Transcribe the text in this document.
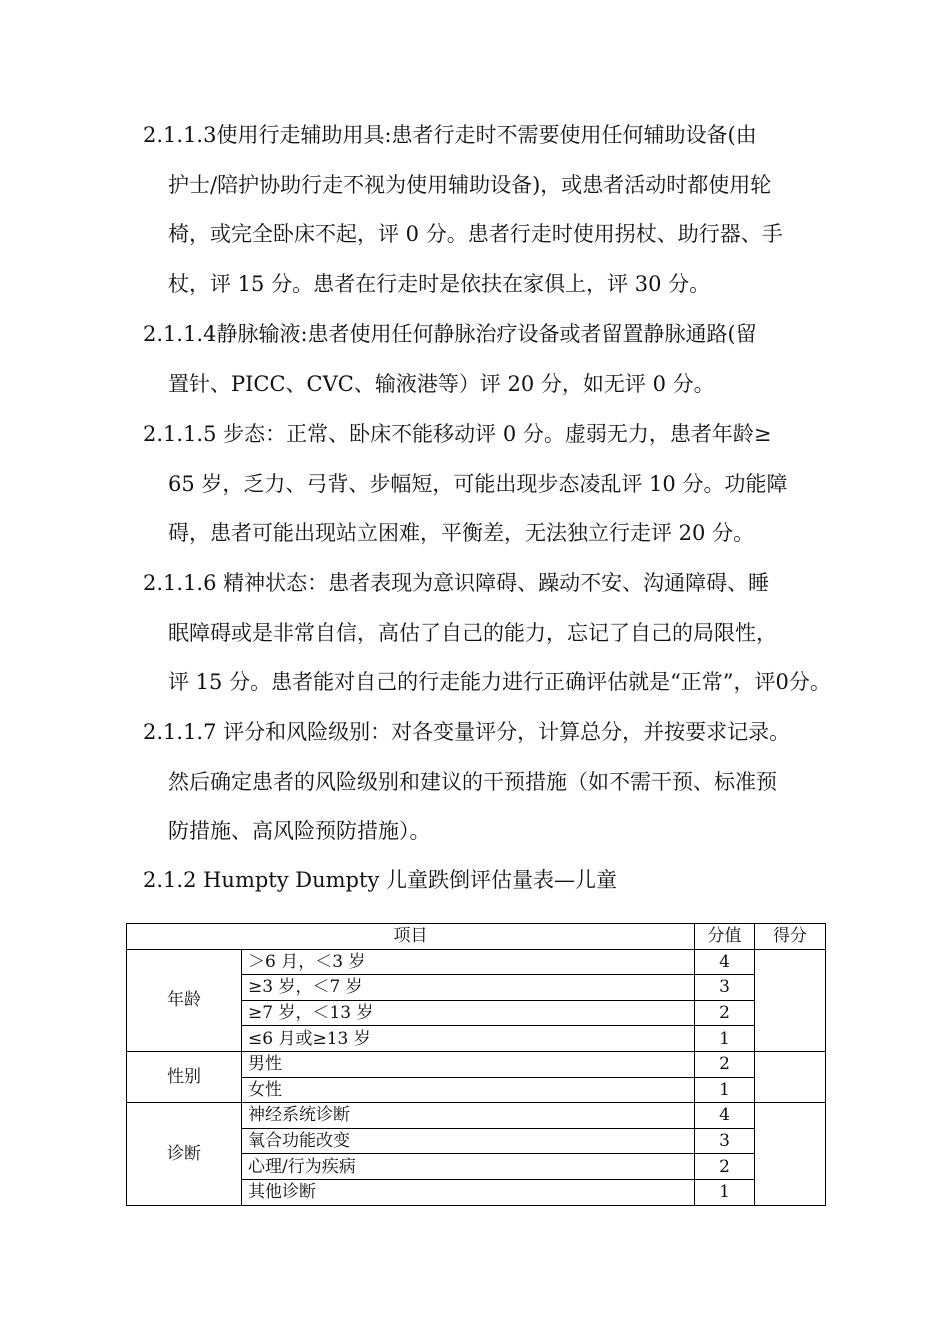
2.1.1.3使用行走辅助用具:患者行走时不需要使用任何辅助设备(由
护士/陪护协助行走不视为使用辅助设备)，或患者活动时都使用轮
椅，或完全卧床不起，评 0 分。患者行走时使用拐杖、助行器、手
杖，评 15 分。患者在行走时是依扶在家俱上，评 30 分。
2.1.1.4静脉输液:患者使用任何静脉治疗设备或者留置静脉通路(留
置针、PICC、CVC、输液港等）评 20 分，如无评 0 分。
2.1.1.5 步态：正常、卧床不能移动评 0 分。虚弱无力，患者年龄≥
65 岁，乏力、弓背、步幅短，可能出现步态凌乱评 10 分。功能障
碍，患者可能出现站立困难，平衡差，无法独立行走评 20 分。
2.1.1.6 精神状态：患者表现为意识障碍、躁动不安、沟通障碍、睡
眠障碍或是非常自信，高估了自己的能力，忘记了自己的局限性，
评 15 分。患者能对自己的行走能力进行正确评估就是“正常”，评0分。
2.1.1.7 评分和风险级别：对各变量评分，计算总分，并按要求记录。
然后确定患者的风险级别和建议的干预措施（如不需干预、标准预
防措施、高风险预防措施）。
2.1.2 Humpty Dumpty 儿童跌倒评估量表—儿童
项目		分值	得分
年龄	＞6 月，＜3 岁	4	
	≥3 岁，＜7 岁	3	
	≥7 岁，＜13 岁	2	
	≤6 月或≥13 岁	1	
性别	男性	2	
	女性	1	
诊断	神经系统诊断	4	
	氧合功能改变	3	
	心理/行为疾病	2	
	其他诊断	1	
